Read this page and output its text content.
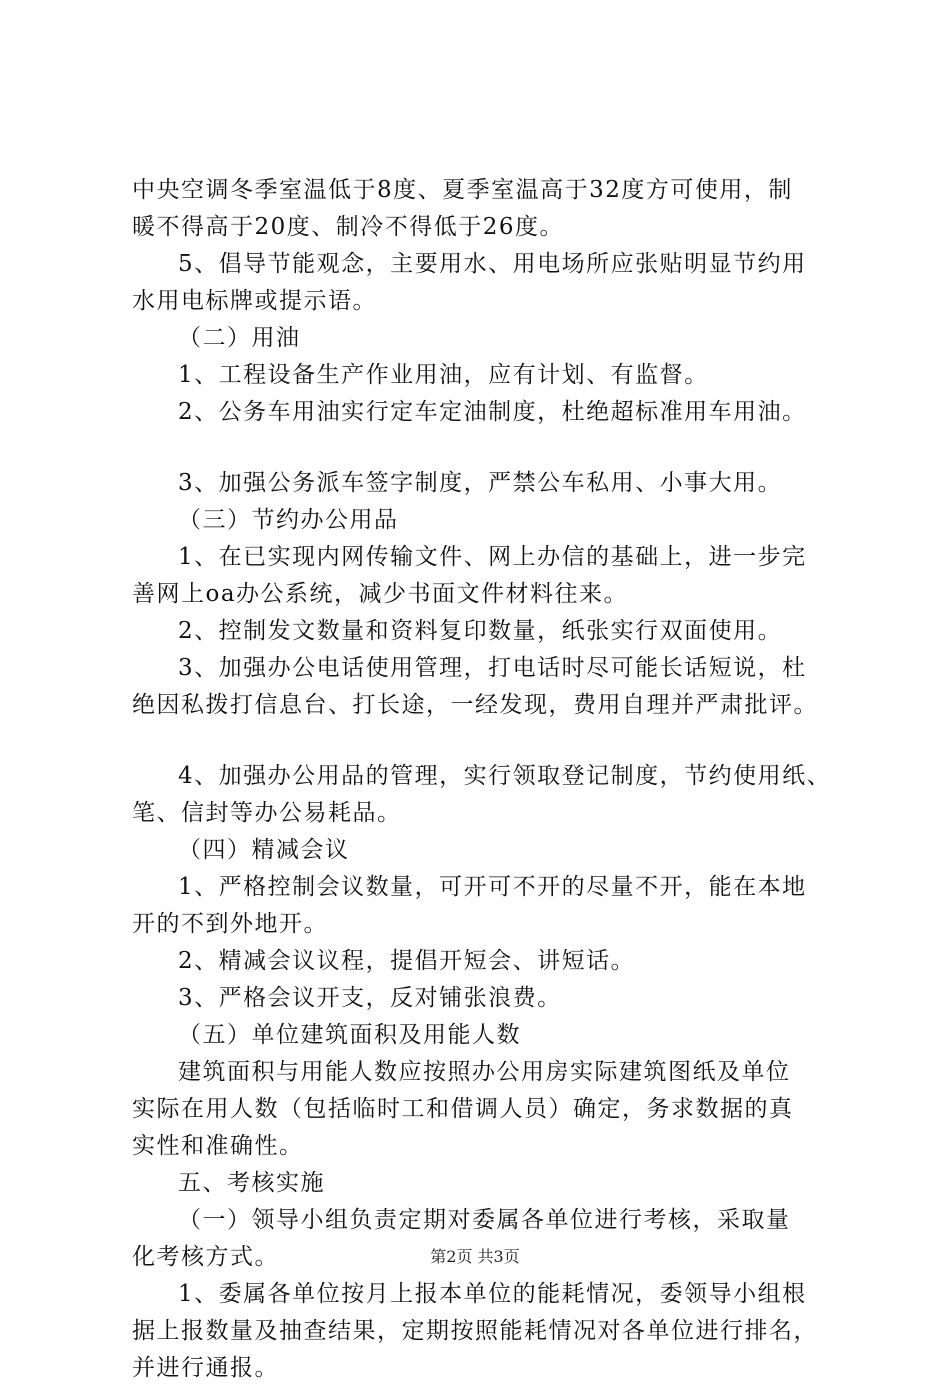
中央空调冬季室温低于8度、夏季室温高于32度方可使用，制
暖不得高于20度、制冷不得低于26度。
5、倡导节能观念，主要用水、用电场所应张贴明显节约用
水用电标牌或提示语。
（二）用油
1、工程设备生产作业用油，应有计划、有监督。
2、公务车用油实行定车定油制度，杜绝超标准用车用油。
3、加强公务派车签字制度，严禁公车私用、小事大用。
（三）节约办公用品
1、在已实现内网传输文件、网上办信的基础上，进一步完
善网上oa办公系统，减少书面文件材料往来。
2、控制发文数量和资料复印数量，纸张实行双面使用。
3、加强办公电话使用管理，打电话时尽可能长话短说，杜
绝因私拨打信息台、打长途，一经发现，费用自理并严肃批评。
4、加强办公用品的管理，实行领取登记制度，节约使用纸、
笔、信封等办公易耗品。
（四）精减会议
1、严格控制会议数量，可开可不开的尽量不开，能在本地
开的不到外地开。
2、精减会议议程，提倡开短会、讲短话。
3、严格会议开支，反对铺张浪费。
（五）单位建筑面积及用能人数
建筑面积与用能人数应按照办公用房实际建筑图纸及单位
实际在用人数（包括临时工和借调人员）确定，务求数据的真
实性和准确性。
五、考核实施
（一）领导小组负责定期对委属各单位进行考核，采取量
化考核方式。
1、委属各单位按月上报本单位的能耗情况，委领导小组根
据上报数量及抽查结果，定期按照能耗情况对各单位进行排名，
并进行通报。
第2页 共3页
